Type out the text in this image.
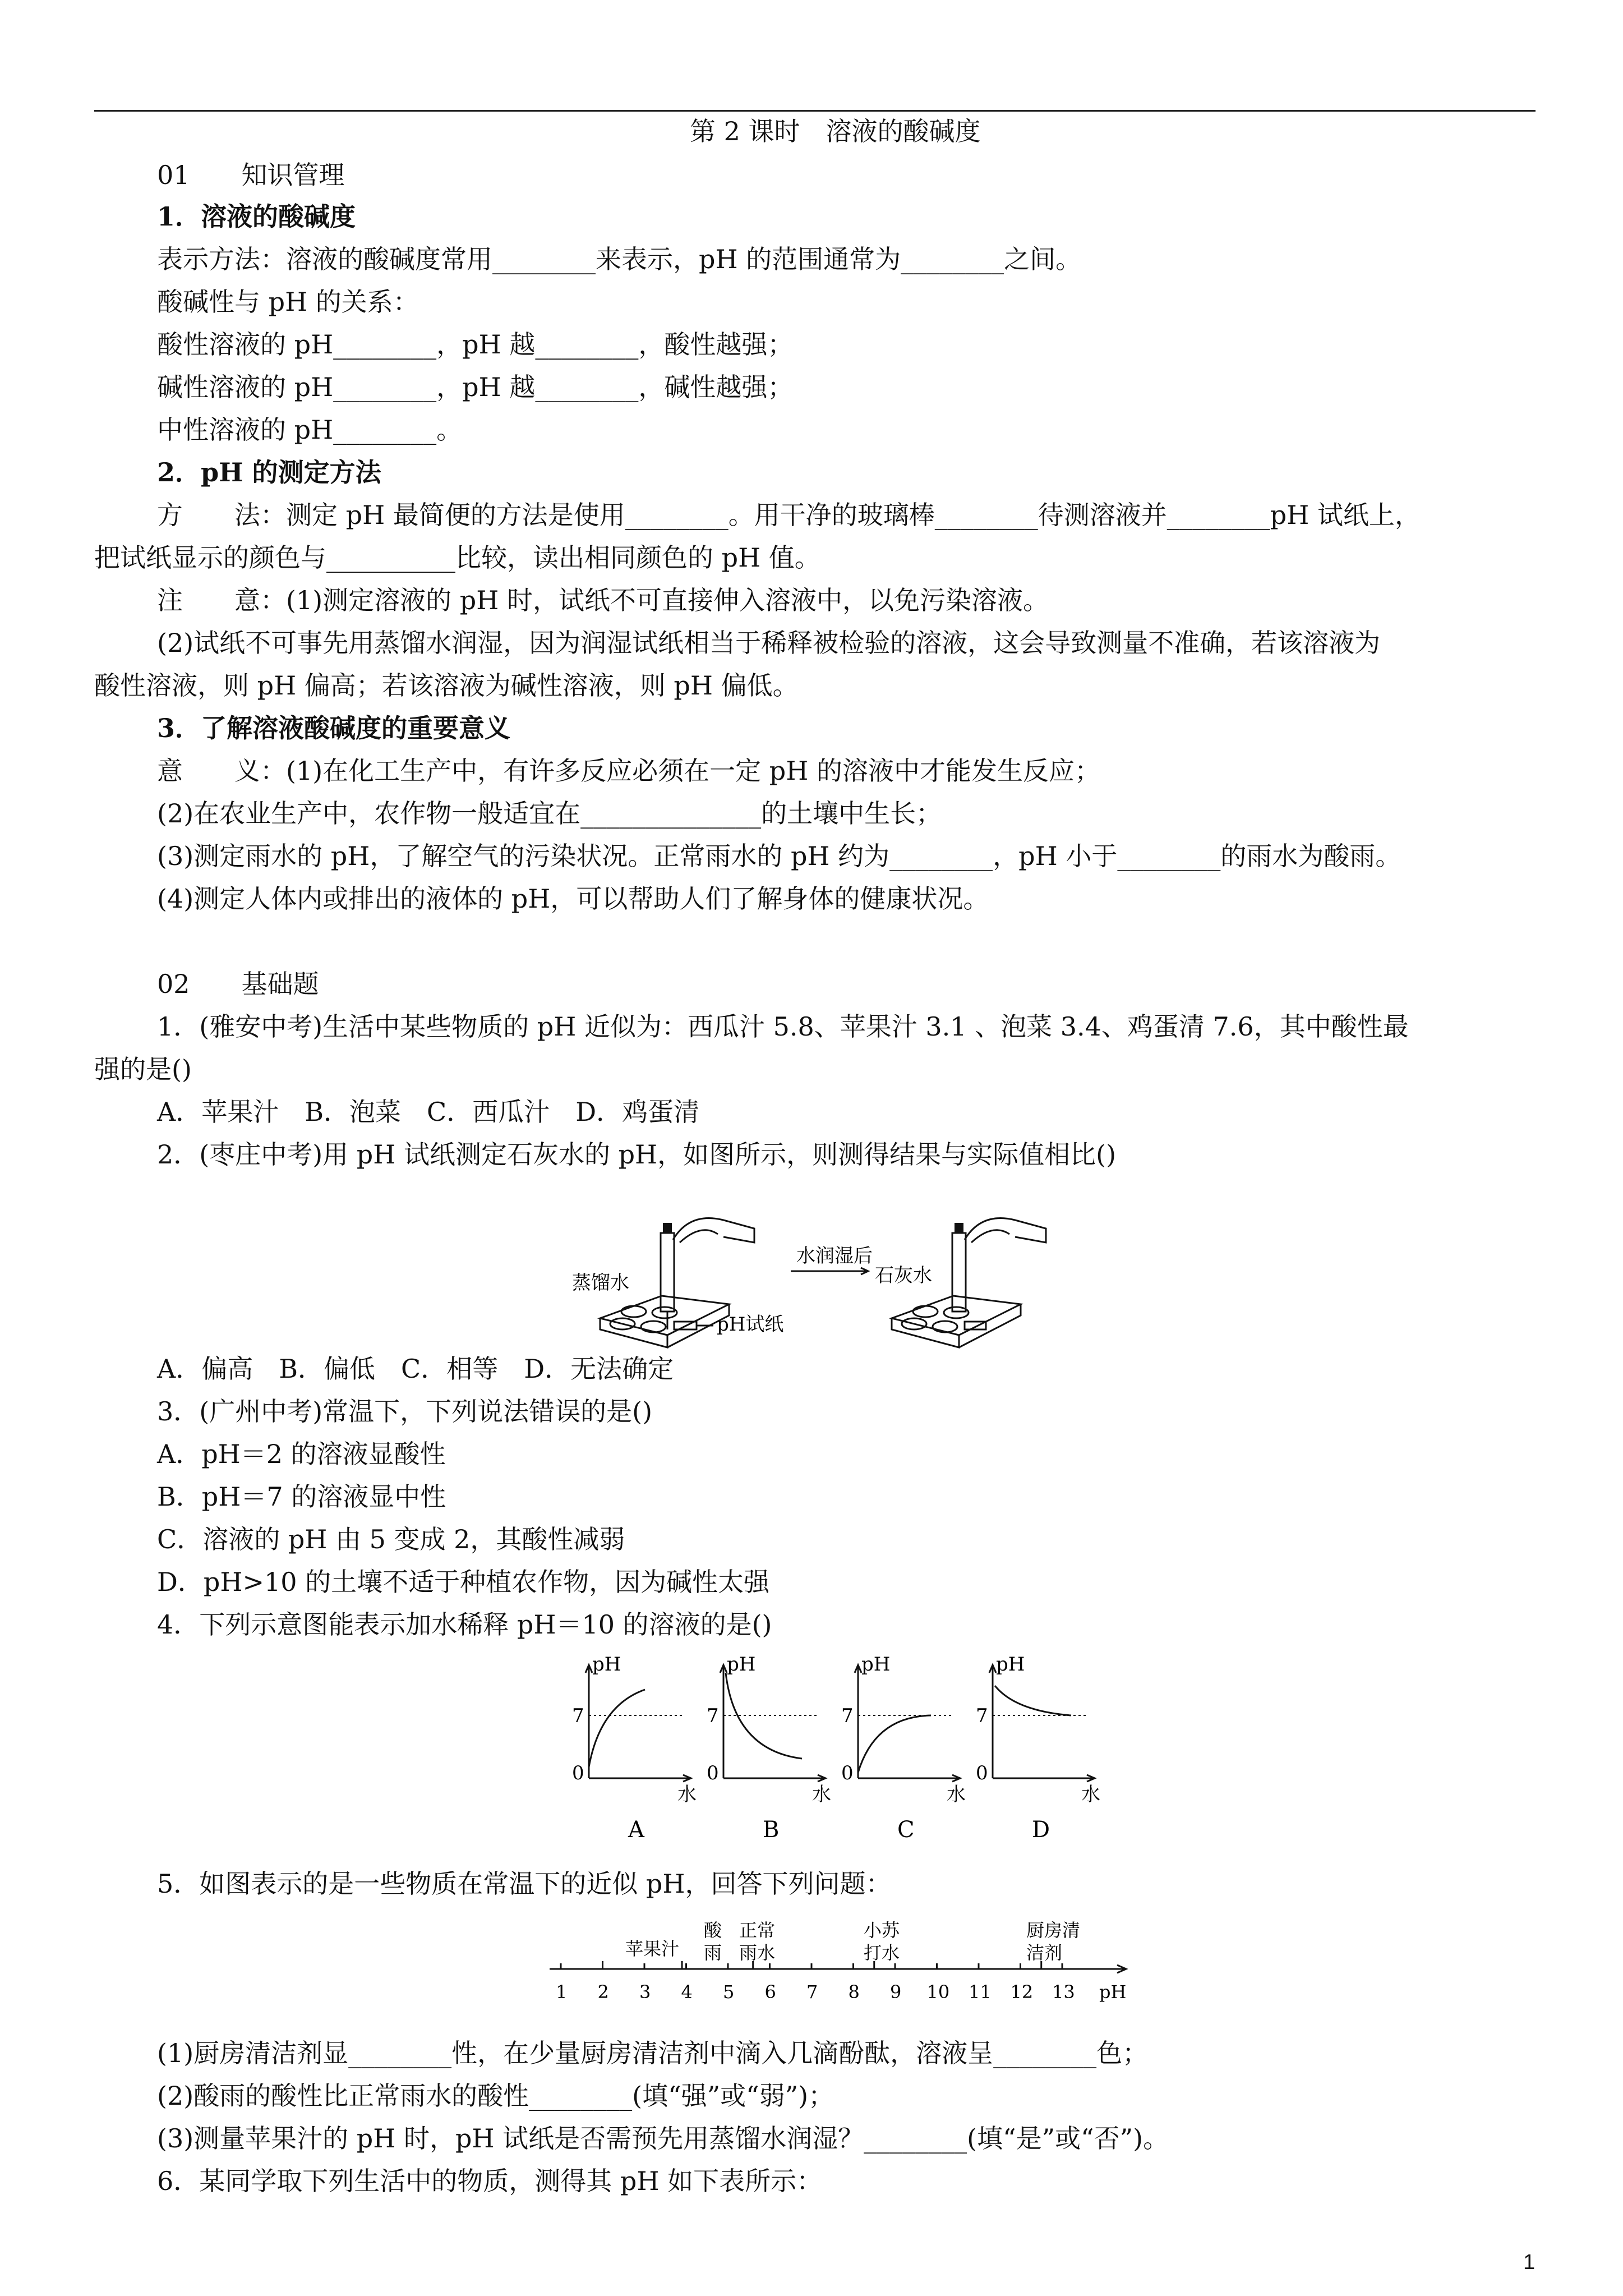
第 2 课时　溶液的酸碱度
01　　知识管理
1．溶液的酸碱度
表示方法：溶液的酸碱度常用________来表示，pH 的范围通常为________之间。
酸碱性与 pH 的关系：
酸性溶液的 pH________，pH 越________，酸性越强；
碱性溶液的 pH________，pH 越________，碱性越强；
中性溶液的 pH________。
2．pH 的测定方法
方　　法：测定 pH 最简便的方法是使用________。用干净的玻璃棒________待测溶液并________pH 试纸上，
把试纸显示的颜色与__________比较，读出相同颜色的 pH 值。
注　　意：(1)测定溶液的 pH 时，试纸不可直接伸入溶液中，以免污染溶液。
(2)试纸不可事先用蒸馏水润湿，因为润湿试纸相当于稀释被检验的溶液，这会导致测量不准确，若该溶液为
酸性溶液，则 pH 偏高；若该溶液为碱性溶液，则 pH 偏低。
3．了解溶液酸碱度的重要意义
意　　义：(1)在化工生产中，有许多反应必须在一定 pH 的溶液中才能发生反应；
(2)在农业生产中，农作物一般适宜在______________的土壤中生长；
(3)测定雨水的 pH，了解空气的污染状况。正常雨水的 pH 约为________，pH 小于________的雨水为酸雨。
(4)测定人体内或排出的液体的 pH，可以帮助人们了解身体的健康状况。
02　　基础题
1．(雅安中考)生活中某些物质的 pH 近似为：西瓜汁 5.8、苹果汁 3.1 、泡菜 3.4、鸡蛋清 7.6，其中酸性最
强的是()
A．苹果汁　B．泡菜　C．西瓜汁　D．鸡蛋清
2．(枣庄中考)用 pH 试纸测定石灰水的 pH，如图所示，则测得结果与实际值相比()
蒸馏水
水润湿后
pH试纸
石灰水
A．偏高　B．偏低　C．相等　D．无法确定
3．(广州中考)常温下，下列说法错误的是()
A．pH＝2 的溶液显酸性
B．pH＝7 的溶液显中性
C．溶液的 pH 由 5 变成 2，其酸性减弱
D．pH>10 的土壤不适于种植农作物，因为碱性太强
4．下列示意图能表示加水稀释 pH＝10 的溶液的是()
pH	pH	pH	pH
7	7	7	7
0	0	0	0
水	水	水	水
A	B	C	D
5．如图表示的是一些物质在常温下的近似 pH，回答下列问题：
1 2 3 4 5 6 7 8 9 10 11 12 13
苹果汁
酸
雨
正常
雨水
小苏
打水
厨房清
洁剂
pH
(1)厨房清洁剂显________性，在少量厨房清洁剂中滴入几滴酚酞，溶液呈________色；
(2)酸雨的酸性比正常雨水的酸性________(填“强”或“弱”)；
(3)测量苹果汁的 pH 时，pH 试纸是否需预先用蒸馏水润湿？________(填“是”或“否”)。
6．某同学取下列生活中的物质，测得其 pH 如下表所示：
1
